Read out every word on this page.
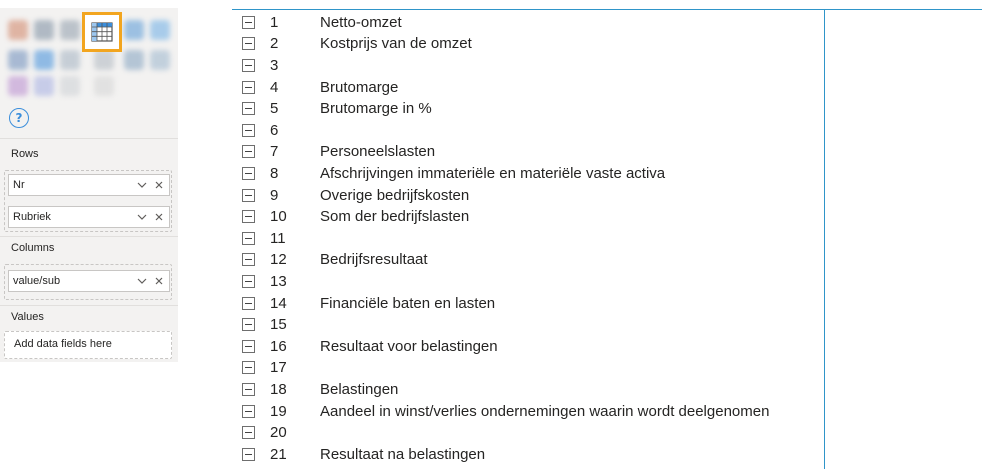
?
Rows
Nr
Rubriek
Columns
value/sub
Values
Add data fields here
1	Netto-omzet
2	Kostprijs van de omzet
3
4	Brutomarge
5	Brutomarge in %
6
7	Personeelslasten
8	Afschrijvingen immateriële en materiële vaste activa
9	Overige bedrijfskosten
10 Som der bedrijfslasten
11
12 Bedrijfsresultaat
13
14 Financiële baten en lasten
15
16 Resultaat voor belastingen
17
18 Belastingen
19 Aandeel in winst/verlies ondernemingen waarin wordt deelgenomen
20
21 Resultaat na belastingen
